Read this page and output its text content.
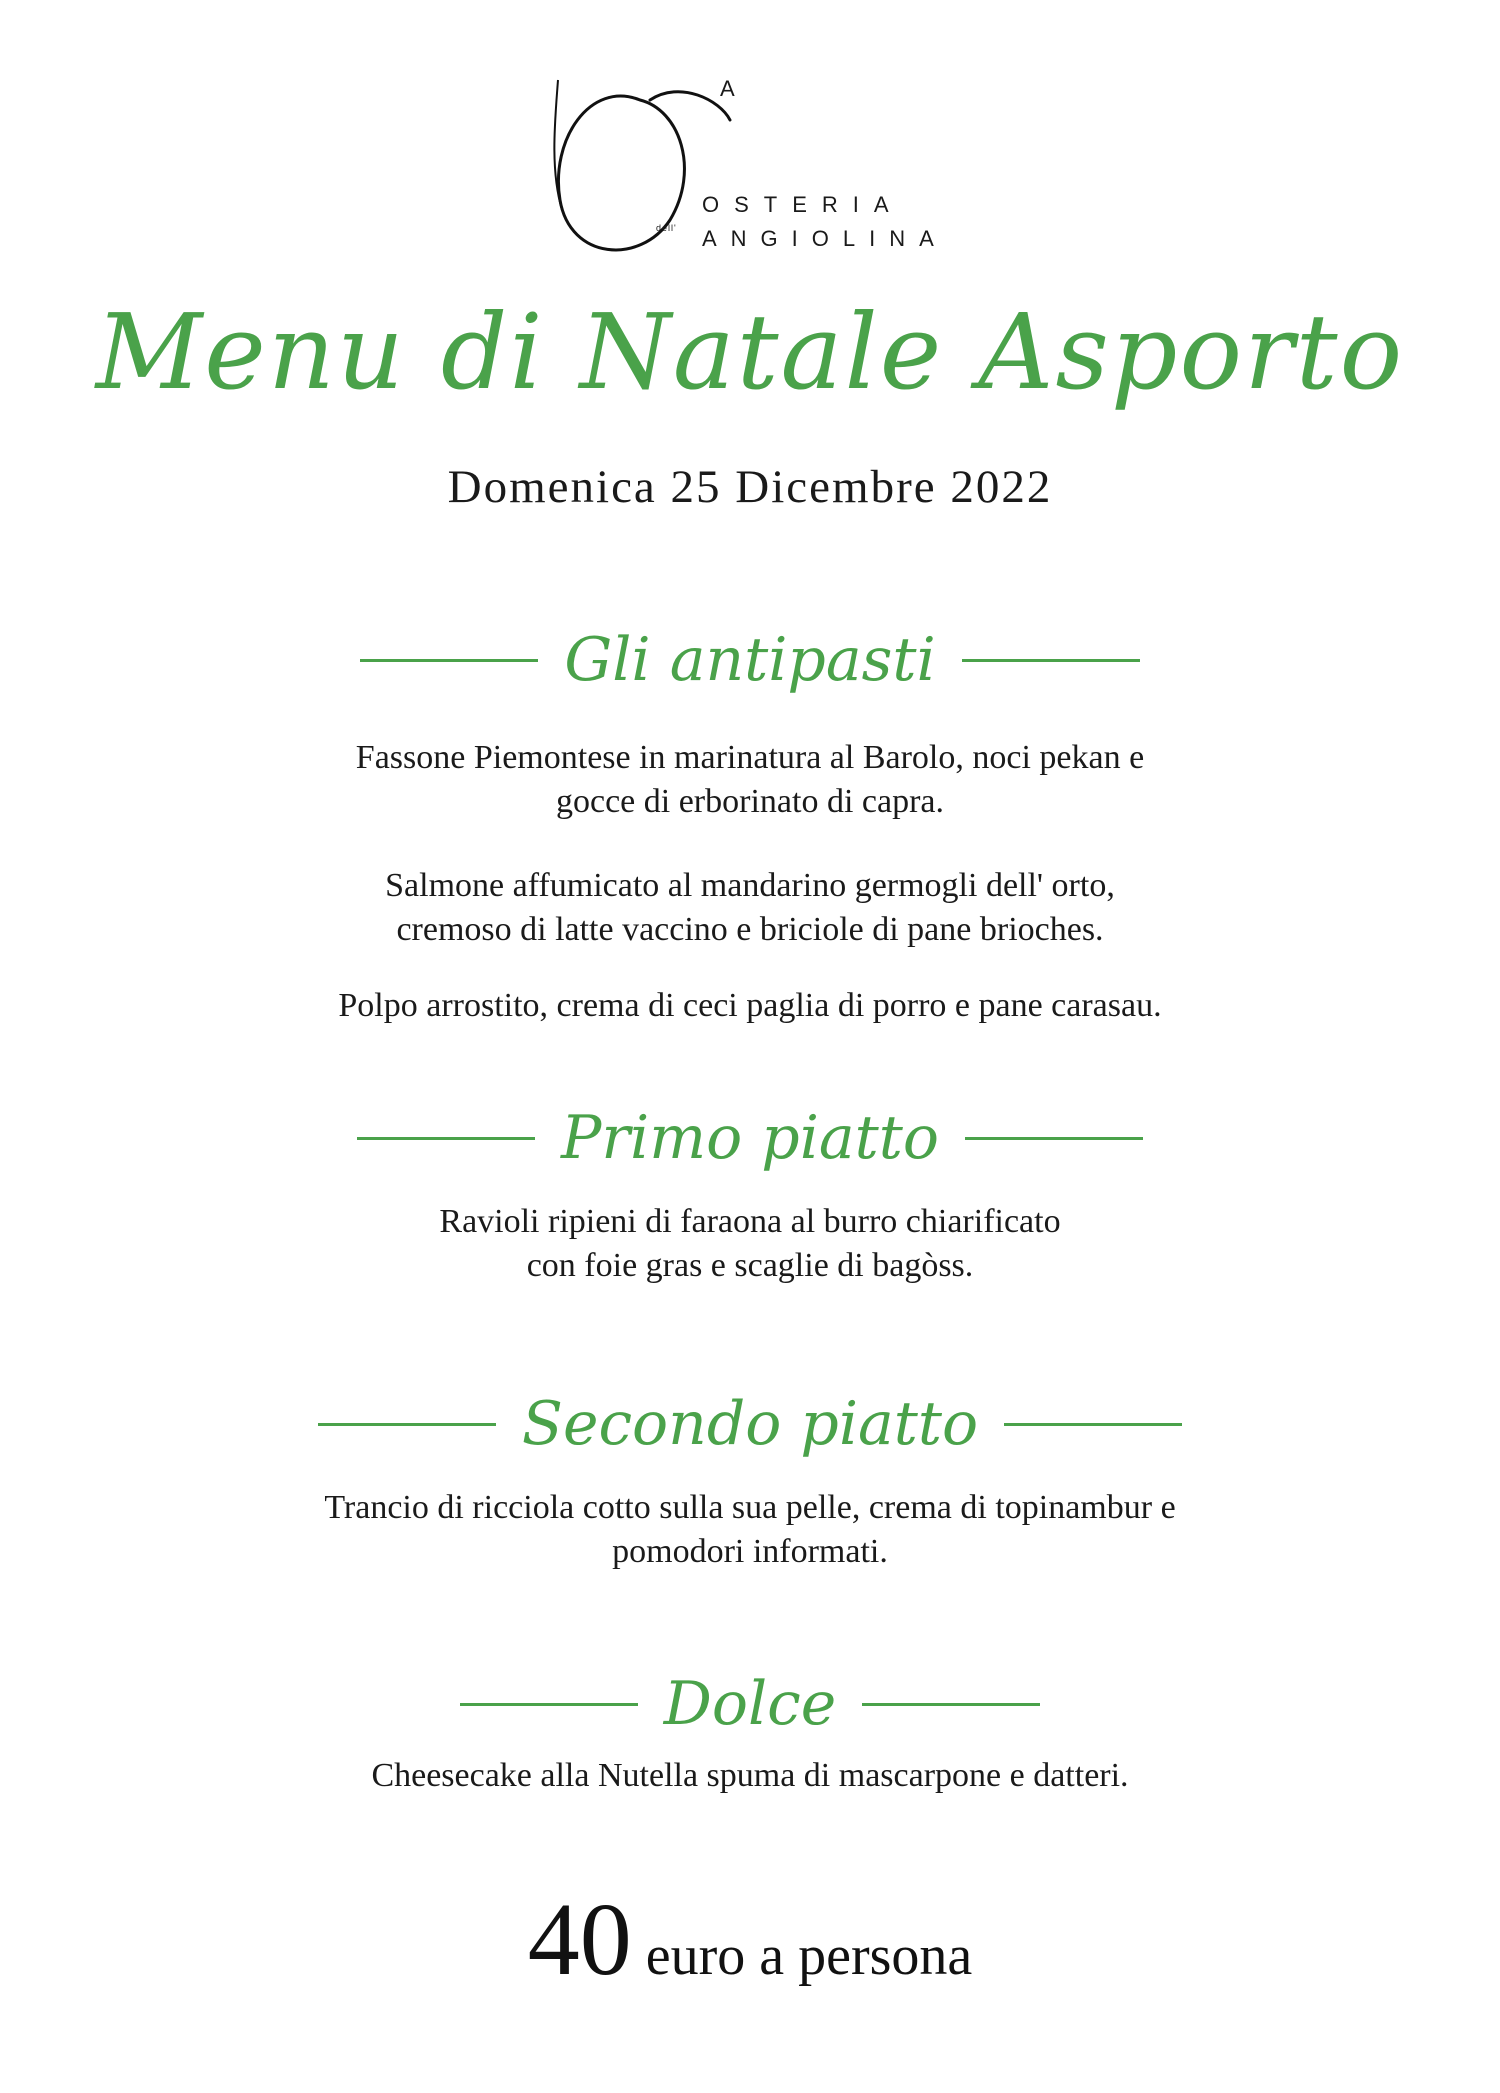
A
OSTERIA
dell' ANGIOLINA
Menu di Natale Asporto
Domenica 25 Dicembre 2022
Gli antipasti
Fassone Piemontese in marinatura al Barolo, noci pekan e
gocce di erborinato di capra.
Salmone affumicato al mandarino germogli dell' orto,
cremoso di latte vaccino e briciole di pane brioches.
Polpo arrostito, crema di ceci paglia di porro e pane carasau.
Primo piatto
Ravioli ripieni di faraona al burro chiarificato
con foie gras e scaglie di bagòss.
Secondo piatto
Trancio di ricciola cotto sulla sua pelle, crema di topinambur e
pomodori informati.
Dolce
Cheesecake alla Nutella spuma di mascarpone e datteri.
40 euro a persona
